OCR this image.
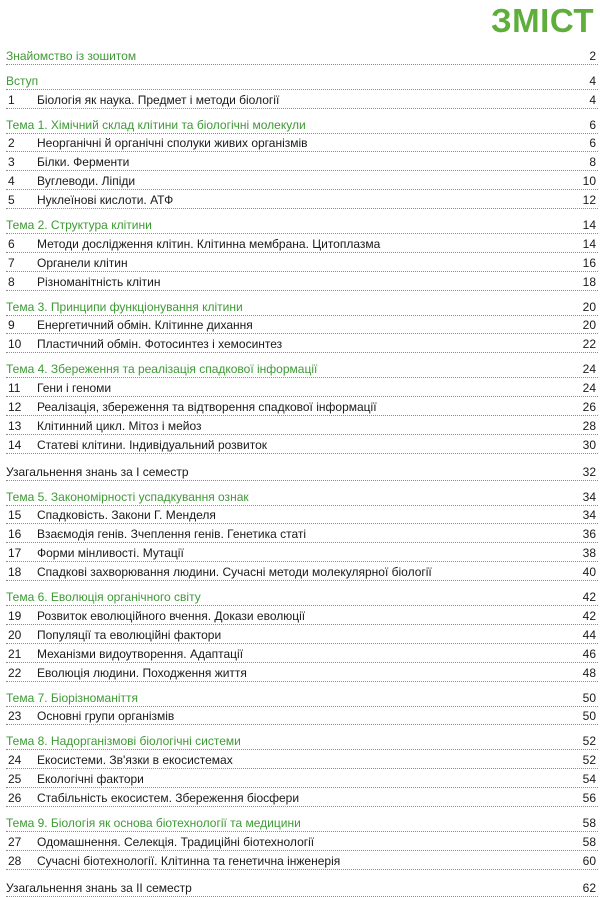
ЗМІСТ
Знайомство із зошитом	2
Вступ	4
1	Біологія як наука. Предмет і методи біології	4
Тема 1. Хімічний склад клітини та біологічні молекули	6
2	Неорганічні й органічні сполуки живих організмів	6
3	Білки. Ферменти	8
4	Вуглеводи. Ліпіди	10
5	Нуклеїнові кислоти. АТФ	12
Тема 2. Структура клітини	14
6	Методи дослідження клітин. Клітинна мембрана. Цитоплазма	14
7	Органели клітин	16
8	Різноманітність клітин	18
Тема 3. Принципи функціонування клітини	20
9	Енергетичний обмін. Клітинне дихання	20
10	Пластичний обмін. Фотосинтез і хемосинтез	22
Тема 4. Збереження та реалізація спадкової інформації	24
11	Гени і геноми	24
12	Реалізація, збереження та відтворення спадкової інформації	26
13	Клітинний цикл. Мітоз і мейоз	28
14	Статеві клітини. Індивідуальний розвиток	30
Узагальнення знань за I семестр	32
Тема 5. Закономірності успадкування ознак	34
15	Спадковість. Закони Г. Менделя	34
16	Взаємодія генів. Зчеплення генів. Генетика статі	36
17	Форми мінливості. Мутації	38
18	Спадкові захворювання людини. Сучасні методи молекулярної біології	40
Тема 6. Еволюція органічного світу	42
19	Розвиток еволюційного вчення. Докази еволюції	42
20	Популяції та еволюційні фактори	44
21	Механізми видоутворення. Адаптації	46
22	Еволюція людини. Походження життя	48
Тема 7. Біорізноманіття	50
23	Основні групи організмів	50
Тема 8. Надорганізмові біологічні системи	52
24	Екосистеми. Зв'язки в екосистемах	52
25	Екологічні фактори	54
26	Стабільність екосистем. Збереження біосфери	56
Тема 9. Біологія як основа біотехнології та медицини	58
27	Одомашнення. Селекція. Традиційні біотехнології	58
28	Сучасні біотехнології. Клітинна та генетична інженерія	60
Узагальнення знань за II семестр	62
